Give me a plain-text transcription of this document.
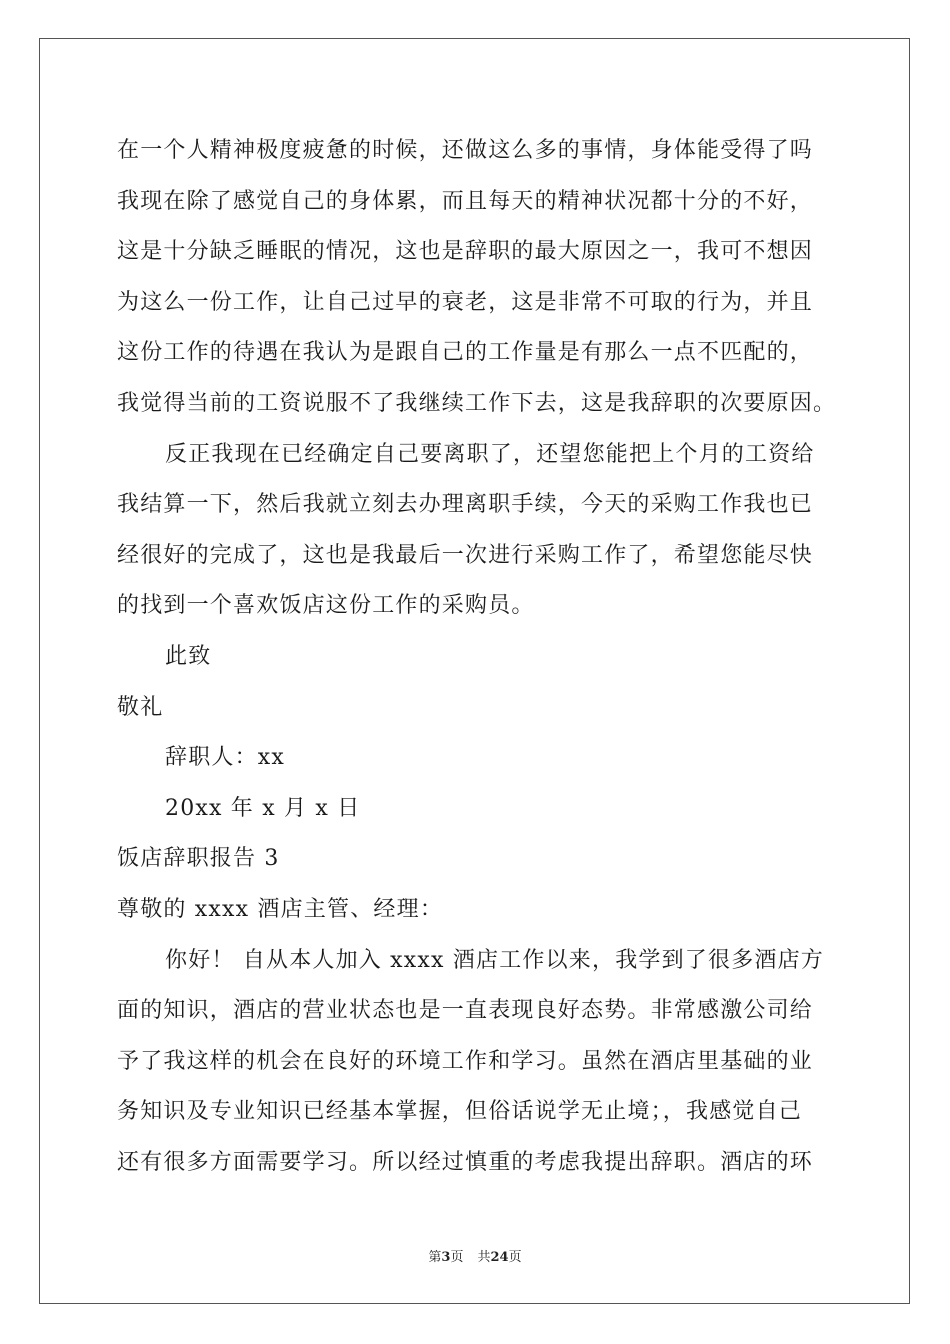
在一个人精神极度疲惫的时候，还做这么多的事情，身体能受得了吗
我现在除了感觉自己的身体累，而且每天的精神状况都十分的不好，
这是十分缺乏睡眠的情况，这也是辞职的最大原因之一，我可不想因
为这么一份工作，让自己过早的衰老，这是非常不可取的行为，并且
这份工作的待遇在我认为是跟自己的工作量是有那么一点不匹配的，
我觉得当前的工资说服不了我继续工作下去，这是我辞职的次要原因。
反正我现在已经确定自己要离职了，还望您能把上个月的工资给
我结算一下，然后我就立刻去办理离职手续，今天的采购工作我也已
经很好的完成了，这也是我最后一次进行采购工作了，希望您能尽快
的找到一个喜欢饭店这份工作的采购员。
此致
敬礼
辞职人：xx
20xx 年 x 月 x 日
饭店辞职报告 3
尊敬的 xxxx 酒店主管、经理：
你好！ 自从本人加入 xxxx 酒店工作以来，我学到了很多酒店方
面的知识，酒店的营业状态也是一直表现良好态势。非常感激公司给
予了我这样的机会在良好的环境工作和学习。虽然在酒店里基础的业
务知识及专业知识已经基本掌握，但俗话说学无止境；，我感觉自己
还有很多方面需要学习。所以经过慎重的考虑我提出辞职。酒店的环
第3页 共24页
